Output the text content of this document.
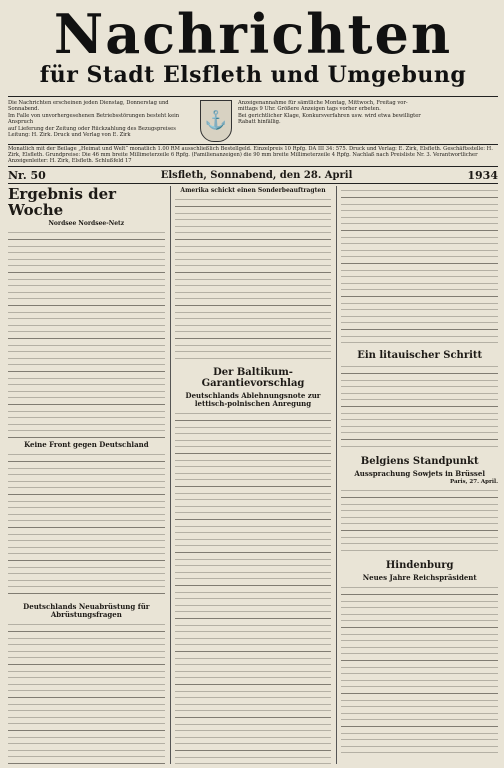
Nachrichten
für Stadt Elsfleth und Umgebung
Die Nachrichten erscheinen jeden Dienstag, Donnerstag und Sonnabend.
Im Falle von unvorhergesehenen Betriebsstörungen besteht kein Anspruch
auf Lieferung der Zeitung oder Rückzahlung des Bezugspreises
Leitung: H. Zirk. Druck und Verlag von E. Zirk
⚓
Anzeigenannahme für sämtliche Montag, Mittwoch, Freitag vor-
mittags 9 Uhr. Größere Anzeigen tags vorher erbeten.
Bei gerichtlicher Klage, Konkursverfahren usw. wird etwa bewilligter
Rabatt hinfällig.
Monatlich mit der Beilage „Heimat und Welt“ monatlich 1.00 RM ausschließlich Bestellgeld. Einzelpreis 10 Rpfg. DA III 34: 575. Druck und Verlag: E. Zirk, Elsfleth. Geschäftsstelle: H. Zirk, Elsfleth. Grundpreise: Die 46 mm breite Millimeterzeile 6 Rpfg. (Familienanzeigen) die 90 mm breite Millimeterzeile 4 Rpfg. Nachlaß nach Preisliste Nr. 3. Verantwortlicher Anzeigenleiter: H. Zirk, Elsfleth. Schlußfeld 17
Nr. 50	Elsfleth, Sonnabend, den 28. April	1934
Ergebnis der Woche
Nordsee Nordsee-Netz
Keine Front gegen Deutschland
Deutschlands Neuabrüstung für Abrüstungsfragen
Amerika schickt einen Sonderbeauftragten
Der Baltikum-Garantievorschlag
Deutschlands Ablehnungsnote zur lettisch-polnischen Anregung
Ein litauischer Schritt
Belgiens Standpunkt
Aussprachung Sowjets in Brüssel
Paris, 27. April.
Hindenburg
Neues Jahre Reichspräsident
